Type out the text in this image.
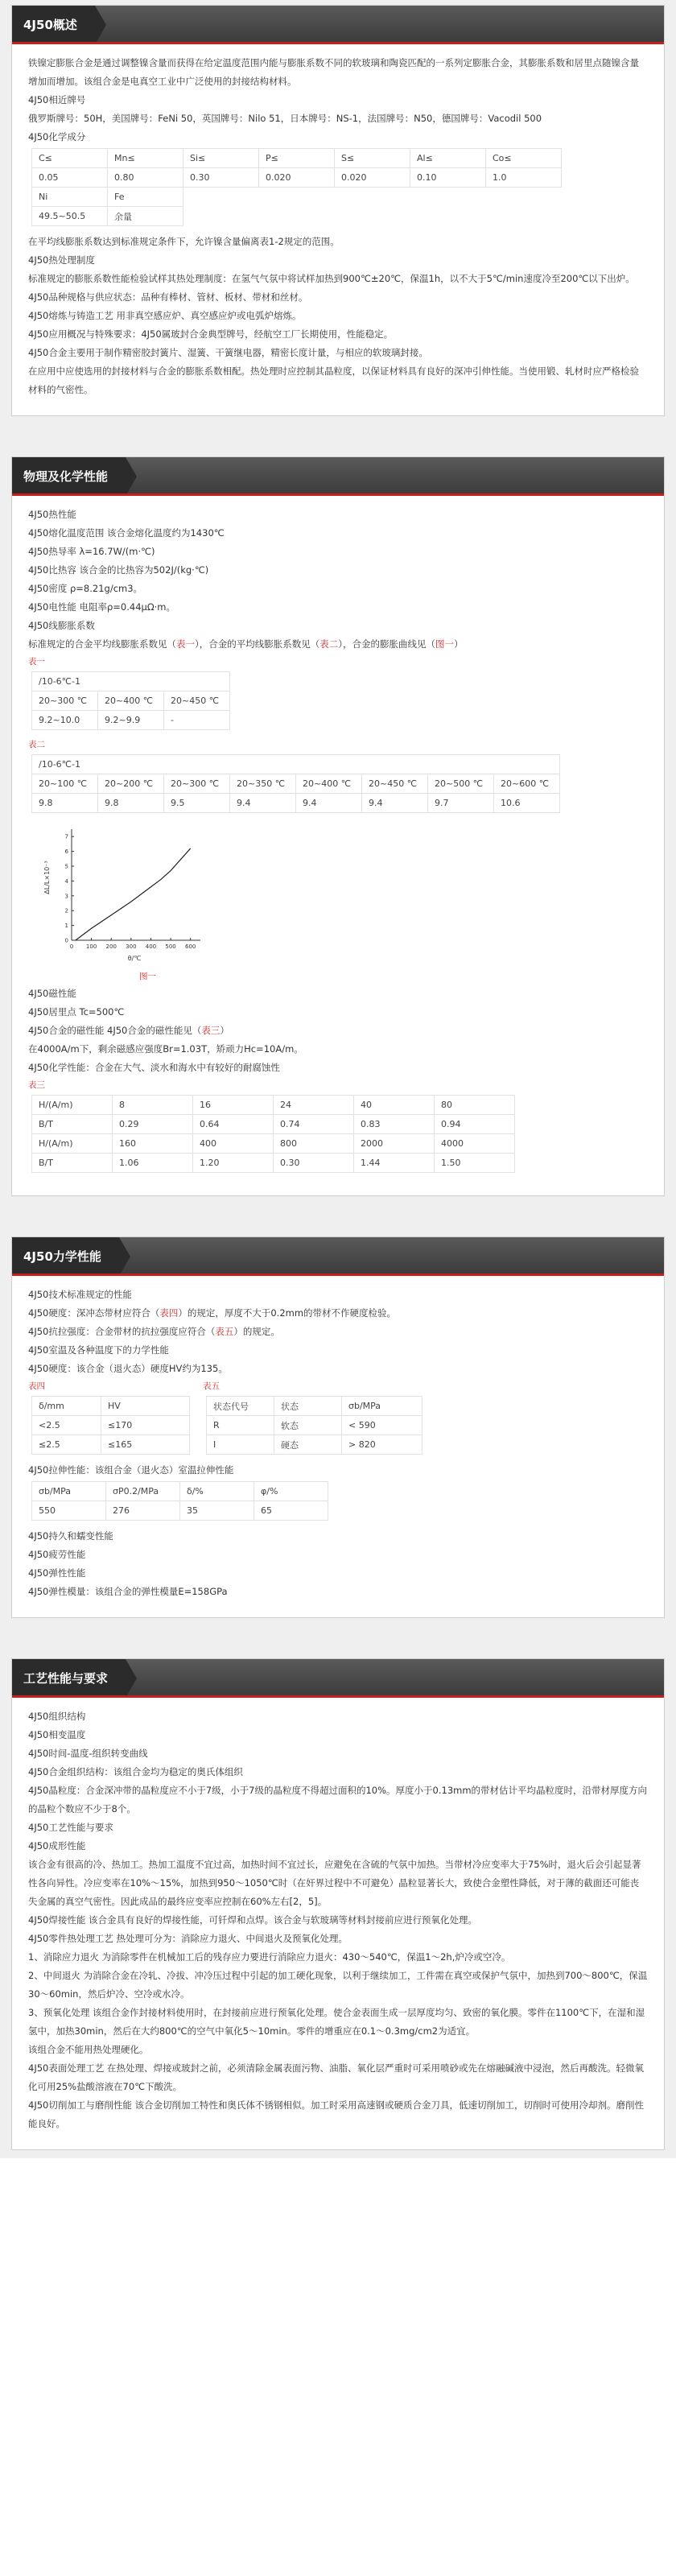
4J50概述

铁镍定膨胀合金是通过调整镍含量而获得在给定温度范围内能与膨胀系数不同的软玻璃和陶瓷匹配的一系列定膨胀合金，其膨胀系数和居里点随镍含量增加而增加。该组合金是电真空工业中广泛使用的封接结构材料。

4J50相近牌号

俄罗斯牌号：50H，美国牌号：FeNi 50，英国牌号：Nilo 51，日本牌号：NS-1，法国牌号：N50，德国牌号：Vacodil 500

4J50化学成分

C≤	Mn≤	Si≤	P≤	S≤	Al≤	Co≤
0.05	0.80	0.30	0.020	0.020	0.10	1.0
Ni	Fe					
49.5~50.5	余量					

在平均线膨胀系数达到标准规定条件下，允许镍含量偏离表1-2规定的范围。

4J50热处理制度

标准规定的膨胀系数性能检验试样其热处理制度：在氢气气氛中将试样加热到900℃±20℃，保温1h，以不大于5℃/min速度冷至200℃以下出炉。

4J50品种规格与供应状态：品种有棒材、管材、板材、带材和丝材。

4J50熔炼与铸造工艺 用非真空感应炉、真空感应炉或电弧炉熔炼。

4J50应用概况与特殊要求：4J50属玻封合金典型牌号，经航空工厂长期使用，性能稳定。

4J50合金主要用于制作精密胶封簧片、湿簧、干簧继电器，精密长度计量，与相应的软玻璃封接。

在应用中应使选用的封接材料与合金的膨胀系数相配。热处理时应控制其晶粒度，以保证材料具有良好的深冲引伸性能。当使用锻、轧材时应严格检验材料的气密性。

物理及化学性能

4J50热性能

4J50熔化温度范围 该合金熔化温度约为1430℃

4J50热导率 λ=16.7W/(m·℃)

4J50比热容 该合金的比热容为502J/(kg·℃)

4J50密度 ρ=8.21g/cm3。

4J50电性能 电阻率ρ=0.44μΩ·m。

4J50线膨胀系数

标准规定的合金平均线膨胀系数见（表一），合金的平均线膨胀系数见（表二），合金的膨胀曲线见（图一）

表一

/10-6℃-1		
20~300 ℃	20~400 ℃	20~450 ℃
9.2~10.0	9.2~9.9	-

表二

/10-6℃-1							
20~100 ℃	20~200 ℃	20~300 ℃	20~350 ℃	20~400 ℃	20~450 ℃	20~500 ℃	20~600 ℃
9.8	9.8	9.5	9.4	9.4	9.4	9.7	10.6
0 100 200 300 400 500 600
0
1
2
3
4
5
6
7
ΔL/L×10⁻³
θ/℃

图一

4J50磁性能

4J50居里点 Tc=500℃

4J50合金的磁性能 4J50合金的磁性能见（表三）

在4000A/m下，剩余磁感应强度Br=1.03T，矫顽力Hc=10A/m。

4J50化学性能：合金在大气、淡水和海水中有较好的耐腐蚀性

表三

H/(A/m)	8	16	24	40	80
B/T	0.29	0.64	0.74	0.83	0.94
H/(A/m)	160	400	800	2000	4000
B/T	1.06	1.20	0.30	1.44	1.50
4J50力学性能

4J50技术标准规定的性能

4J50硬度：深冲态带材应符合（表四）的规定，厚度不大于0.2mm的带材不作硬度检验。

4J50抗拉强度：合金带材的抗拉强度应符合（表五）的规定。

4J50室温及各种温度下的力学性能

4J50硬度：该合金（退火态）硬度HV约为135。

表四

δ/mm	HV
<2.5	≤170
≤2.5	≤165

表五

状态代号	状态	σb/MPa
R	软态	< 590
I	硬态	> 820

4J50拉伸性能：该组合金（退火态）室温拉伸性能

σb/MPa	σP0.2/MPa	δ/%	φ/%
550	276	35	65

4J50持久和蠕变性能

4J50疲劳性能

4J50弹性性能

4J50弹性模量：该组合金的弹性模量E=158GPa

工艺性能与要求

4J50组织结构

4J50相变温度

4J50时间-温度-组织转变曲线

4J50合金组织结构：该组合金均为稳定的奥氏体组织

4J50晶粒度：合金深冲带的晶粒度应不小于7级，小于7级的晶粒度不得超过面积的10%。厚度小于0.13mm的带材估计平均晶粒度时，沿带材厚度方向的晶粒个数应不少于8个。

4J50工艺性能与要求

4J50成形性能

该合金有很高的冷、热加工。热加工温度不宜过高，加热时间不宜过长，应避免在含硫的气氛中加热。当带材冷应变率大于75%时，退火后会引起显著性各向异性。冷应变率在10%～15%，加热到950～1050℃时（在奸界过程中不可避免）晶粒显著长大，致使合金塑性降低，对于薄的截面还可能丧失金属的真空气密性。因此成品的最终应变率应控制在60%左右[2，5]。

4J50焊接性能 该合金具有良好的焊接性能，可钎焊和点焊。该合金与软玻璃等材料封接前应进行预氧化处理。

4J50零件热处理工艺 热处理可分为：消除应力退火、中间退火及预氧化处理。

1、消除应力退火 为消除零件在机械加工后的残存应力要进行消除应力退火：430～540℃，保温1～2h,炉冷或空冷。

2、中间退火 为消除合金在冷轧、冷拔、冲冷压过程中引起的加工硬化现象，以利于继续加工，工件需在真空或保护气氛中，加热到700～800℃，保温30～60min，然后炉冷、空冷或水冷。

3、预氧化处理 该组合金作封接材料使用时，在封接前应进行预氧化处理。使合金表面生成一层厚度均匀、致密的氧化膜。零件在1100℃下，在湿和湿氢中，加热30min，然后在大约800℃的空气中氧化5～10min。零件的增重应在0.1～0.3mg/cm2为适宜。

该组合金不能用热处理硬化。

4J50表面处理工艺 在热处理、焊接或玻封之前，必须清除金属表面污物、油脂、氧化层严重时可采用喷砂或先在熔融碱液中浸泡，然后再酸洗。轻微氧化可用25%盐酸溶液在70℃下酸洗。

4J50切削加工与磨削性能 该合金切削加工特性和奥氏体不锈钢相似。加工时采用高速钢或硬质合金刀具，低速切削加工，切削时可使用冷却剂。磨削性能良好。
